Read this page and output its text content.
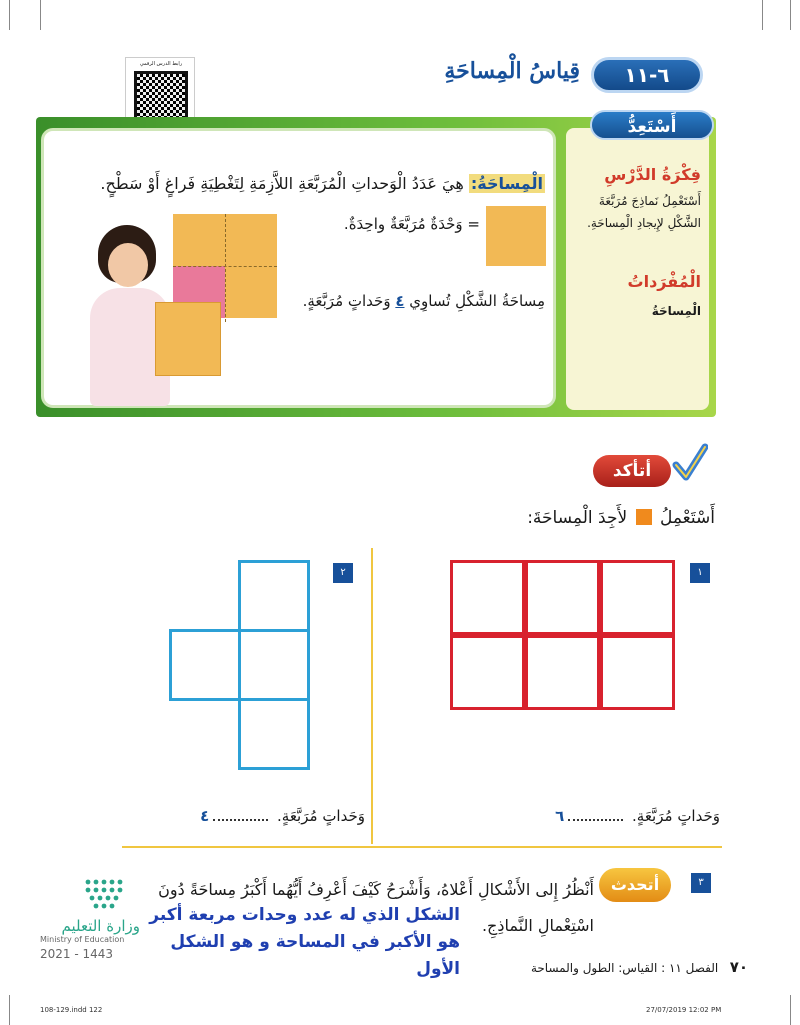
رابط الدرس الرقمي	٦-١١
قِياسُ الْمِساحَةِ
أَسْتَعِدُّ
فِكْرَةُ الدَّرْسِ
أَسْتَعْمِلُ نَماذِجَ مُرَبَّعَةَ الشَّكْلِ لإِيجادِ الْمِساحَةِ.
الْمُفْرَداتُ
الْمِساحَةُ
الْمِساحَةُ: هِيَ عَدَدُ الْوَحداتِ الْمُرَبَّعَةِ اللاَّزِمَةِ لِتَغْطِيَةِ فَراغٍ أَوْ سَطْحٍ.
= وَحْدَةٌ مُرَبَّعَةٌ واحِدَةٌ.
مِساحَةُ الشَّكْلِ تُساوِي ٤ وَحَداتٍ مُرَبَّعَةٍ.
أتأكد
أَسْتَعْمِلُ  لأَجِدَ الْمِساحَةَ:
١
وَحَداتٍ مُرَبَّعَةٍ. ٦
٢
وَحَداتٍ مُرَبَّعَةٍ. ٤
٣
أتحدث
أَنْظُرُ إِلى الأَشْكالِ أَعْلاهُ، وَأَشْرَحُ كَيْفَ أَعْرِفُ أَيُّهُما أَكْبَرُ مِساحَةً دُونَ اسْتِعْمالِ النَّماذِجِ.
الشكل الذي له عدد وحدات مربعة أكبر
هو الأكبر في المساحة و هو الشكل الأول
وزارة التعليم
Ministry of Education
2021 - 1443
٧٠   الفصل ١١ : القياس: الطول والمساحة
108-129.indd 122	27/07/2019 12:02 PM
